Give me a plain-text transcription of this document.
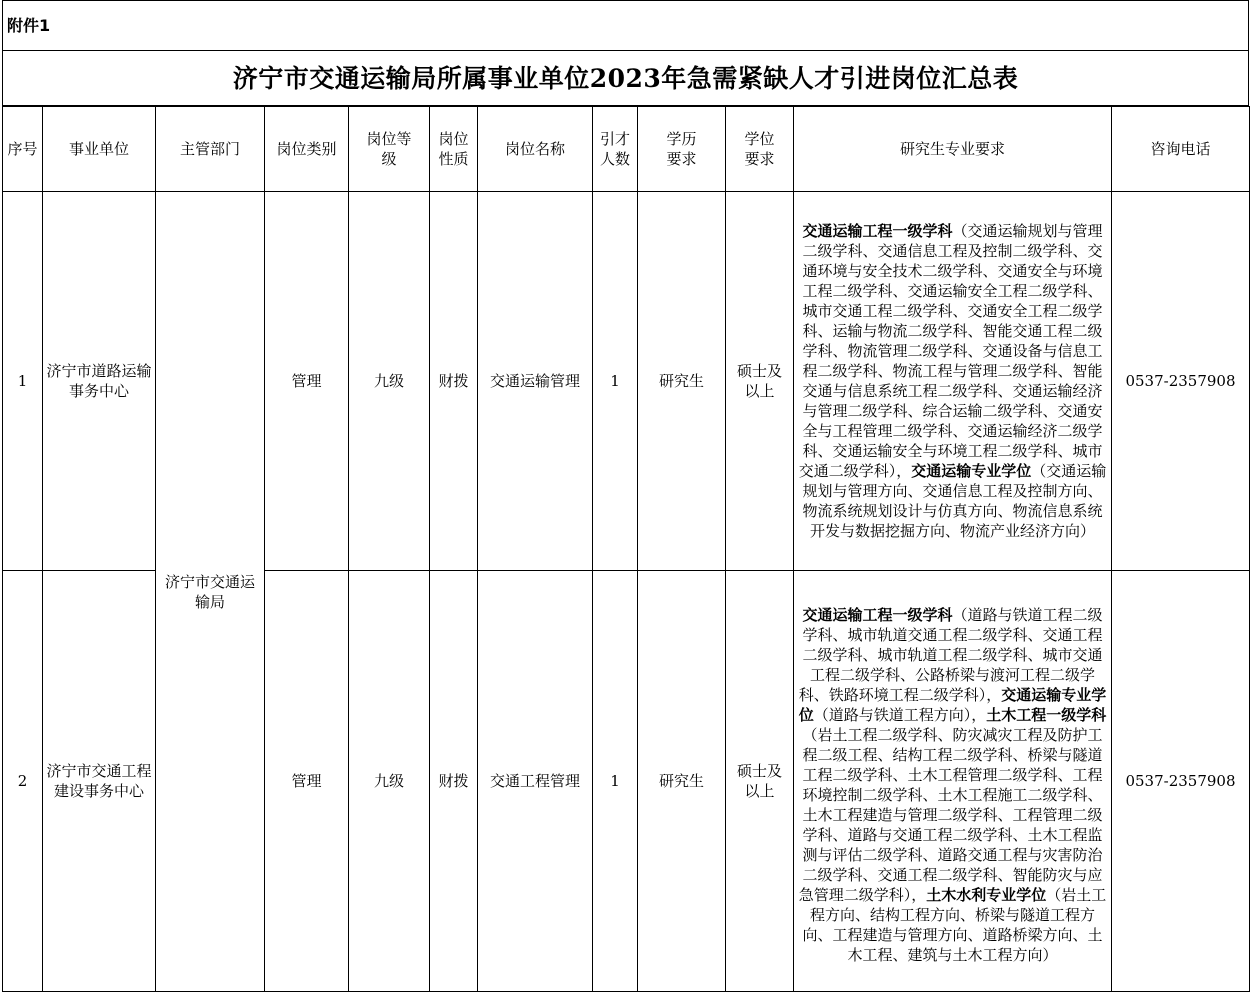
附件1
济宁市交通运输局所属事业单位2023年急需紧缺人才引进岗位汇总表
序号	事业单位	主管部门	岗位类别	岗位等级	岗位性质	岗位名称	引才人数	学历要求	学位要求	研究生专业要求	咨询电话
1	济宁市道路运输事务中心	济宁市交通运输局	管理	九级	财拨	交通运输管理	1	研究生	硕士及以上	交通运输工程一级学科（交通运输规划与管理二级学科、交通信息工程及控制二级学科、交通环境与安全技术二级学科、交通安全与环境工程二级学科、交通运输安全工程二级学科、城市交通工程二级学科、交通安全工程二级学科、运输与物流二级学科、智能交通工程二级学科、物流管理二级学科、交通设备与信息工程二级学科、物流工程与管理二级学科、智能交通与信息系统工程二级学科、交通运输经济与管理二级学科、综合运输二级学科、交通安全与工程管理二级学科、交通运输经济二级学科、交通运输安全与环境工程二级学科、城市交通二级学科），交通运输专业学位（交通运输规划与管理方向、交通信息工程及控制方向、物流系统规划设计与仿真方向、物流信息系统开发与数据挖掘方向、物流产业经济方向）	0537-2357908
2	济宁市交通工程建设事务中心		管理	九级	财拨	交通工程管理	1	研究生	硕士及以上	交通运输工程一级学科（道路与铁道工程二级学科、城市轨道交通工程二级学科、交通工程二级学科、城市轨道工程二级学科、城市交通工程二级学科、公路桥梁与渡河工程二级学科、铁路环境工程二级学科），交通运输专业学位（道路与铁道工程方向），土木工程一级学科（岩土工程二级学科、防灾减灾工程及防护工程二级工程、结构工程二级学科、桥梁与隧道工程二级学科、土木工程管理二级学科、工程环境控制二级学科、土木工程施工二级学科、土木工程建造与管理二级学科、工程管理二级学科、道路与交通工程二级学科、土木工程监测与评估二级学科、道路交通工程与灾害防治二级学科、交通工程二级学科、智能防灾与应急管理二级学科），土木水利专业学位（岩土工程方向、结构工程方向、桥梁与隧道工程方向、工程建造与管理方向、道路桥梁方向、土木工程、建筑与土木工程方向）	0537-2357908
